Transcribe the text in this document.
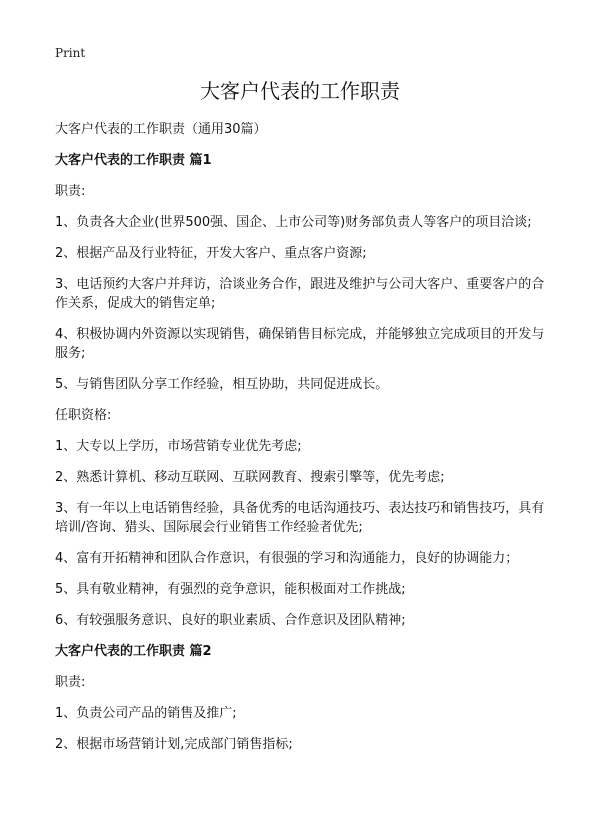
Print
大客户代表的工作职责

大客户代表的工作职责（通用30篇）

大客户代表的工作职责 篇1

职责:

1、负责各大企业(世界500强、国企、上市公司等)财务部负责人等客户的项目洽谈;

2、根据产品及行业特征，开发大客户、重点客户资源;

3、电话预约大客户并拜访，洽谈业务合作，跟进及维护与公司大客户、重要客户的合作关系，促成大的销售定单;

4、积极协调内外资源以实现销售，确保销售目标完成，并能够独立完成项目的开发与服务;

5、与销售团队分享工作经验，相互协助，共同促进成长。

任职资格:

1、大专以上学历，市场营销专业优先考虑;

2、熟悉计算机、移动互联网、互联网教育、搜索引擎等，优先考虑;

3、有一年以上电话销售经验，具备优秀的电话沟通技巧、表达技巧和销售技巧，具有培训/咨询、猎头、国际展会行业销售工作经验者优先;

4、富有开拓精神和团队合作意识，有很强的学习和沟通能力，良好的协调能力；

5、具有敬业精神，有强烈的竞争意识，能积极面对工作挑战;

6、有较强服务意识、良好的职业素质、合作意识及团队精神;

大客户代表的工作职责 篇2

职责:

1、负责公司产品的销售及推广;

2、根据市场营销计划,完成部门销售指标;
